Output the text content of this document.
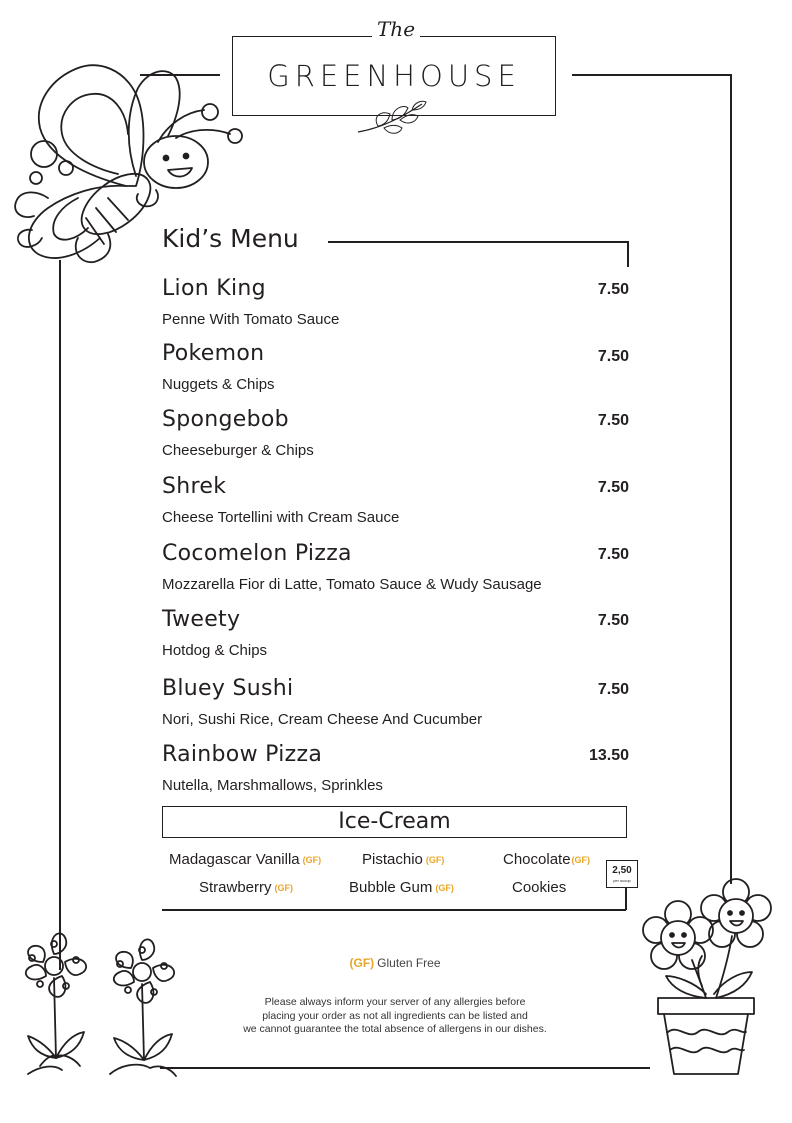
The
GREENHOUSE
Kid’s Menu
Lion King	7.50
Penne With Tomato Sauce
Pokemon	7.50
Nuggets & Chips
Spongebob	7.50
Cheeseburger & Chips
Shrek	7.50
Cheese Tortellini with Cream Sauce
Cocomelon Pizza	7.50
Mozzarella Fior di Latte, Tomato Sauce & Wudy Sausage
Tweety	7.50
Hotdog & Chips
Bluey Sushi	7.50
Nori, Sushi Rice, Cream Cheese And Cucumber
Rainbow Pizza	13.50
Nutella, Marshmallows, Sprinkles
Ice-Cream
Madagascar Vanilla (GF)	Pistachio (GF)	Chocolate(GF)
Strawberry (GF)	Bubble Gum (GF)	Cookies
2,50
per scoop
(GF) Gluten Free
Please always inform your server of any allergies before
placing your order as not all ingredients can be listed and
we cannot guarantee the total absence of allergens in our dishes.
